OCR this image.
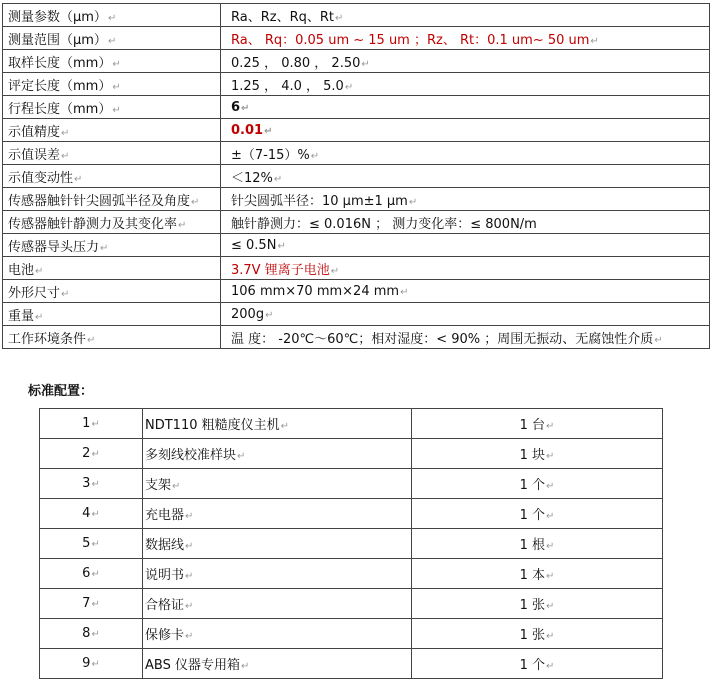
测量参数（μm）↵	Ra、Rz、Rq、Rt↵
测量范围（μm）↵	Ra、 Rq：0.05 um ~ 15 um ；Rz、 Rt：0.1 um~ 50 um↵
取样长度（mm）↵	0.25 ， 0.80 ， 2.50↵
评定长度（mm）↵	1.25 ， 4.0 ， 5.0↵
行程长度（mm）↵	6↵
示值精度↵	0.01↵
示值误差↵	±（7-15）%↵
示值变动性↵	＜12%↵
传感器触针针尖圆弧半径及角度↵	针尖圆弧半径：10 μm±1 μm↵
传感器触针静测力及其变化率↵	触针静测力：≤ 0.016N ； 测力变化率：≤ 800N/m
传感器导头压力↵	≤ 0.5N↵
电池↵	3.7V 锂离子电池↵
外形尺寸↵	106 mm×70 mm×24 mm↵
重量↵	200g↵
工作环境条件↵	温 度： -20℃～60℃；相对湿度：< 90% ；周围无振动、无腐蚀性介质↵
标准配置：
1↵	NDT110 粗糙度仪主机↵	1 台↵
2↵	多刻线校准样块↵	1 块↵
3↵	支架↵	1 个↵
4↵	充电器↵	1 个↵
5↵	数据线↵	1 根↵
6↵	说明书↵	1 本↵
7↵	合格证↵	1 张↵
8↵	保修卡↵	1 张↵
9↵	ABS 仪器专用箱↵	1 个↵
